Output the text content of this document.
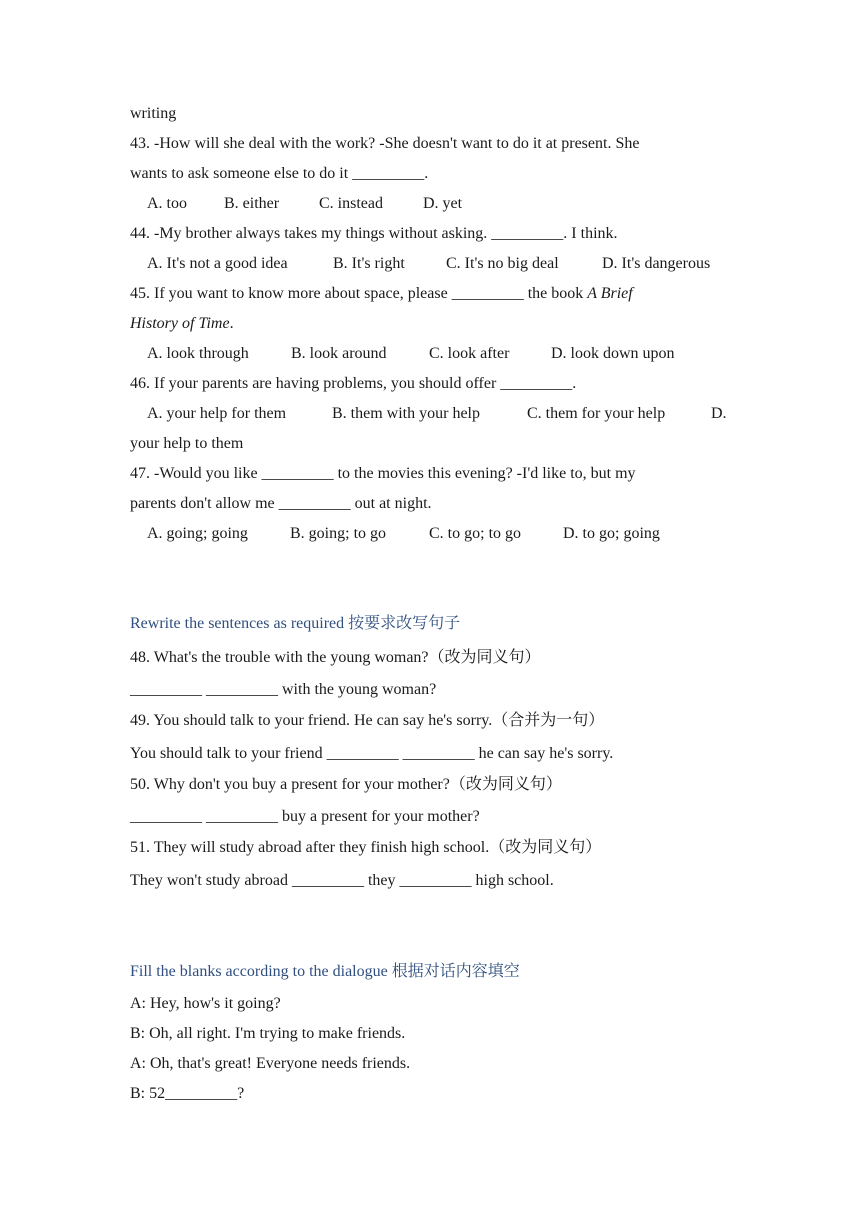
writing
43. -How will she deal with the work? -She doesn't want to do it at present. She
wants to ask someone else to do it _________.
A. too B. either C. instead	D. yet
44. -My brother always takes my things without asking. _________. I think.
A. It's not a good idea	B. It's right	C. It's no big deal	D. It's dangerous
45. If you want to know more about space, please _________ the book A Brief
History of Time.
A. look through	B. look around	C. look after	D. look down upon
46. If your parents are having problems, you should offer _________.
A. your help for them	B. them with your help	C. them for your help	D.
your help to them
47. -Would you like _________ to the movies this evening? -I'd like to, but my
parents don't allow me _________ out at night.
A. going; going	B. going; to go	C. to go; to go	D. to go; going
Rewrite the sentences as required 按要求改写句子
48. What's the trouble with the young woman?（改为同义句）
_________ _________ with the young woman?
49. You should talk to your friend. He can say he's sorry.（合并为一句）
You should talk to your friend _________ _________ he can say he's sorry.
50. Why don't you buy a present for your mother?（改为同义句）
_________ _________ buy a present for your mother?
51. They will study abroad after they finish high school.（改为同义句）
They won't study abroad _________ they _________ high school.
Fill the blanks according to the dialogue 根据对话内容填空
A: Hey, how's it going?
B: Oh, all right. I'm trying to make friends.
A: Oh, that's great! Everyone needs friends.
B: 52_________?
